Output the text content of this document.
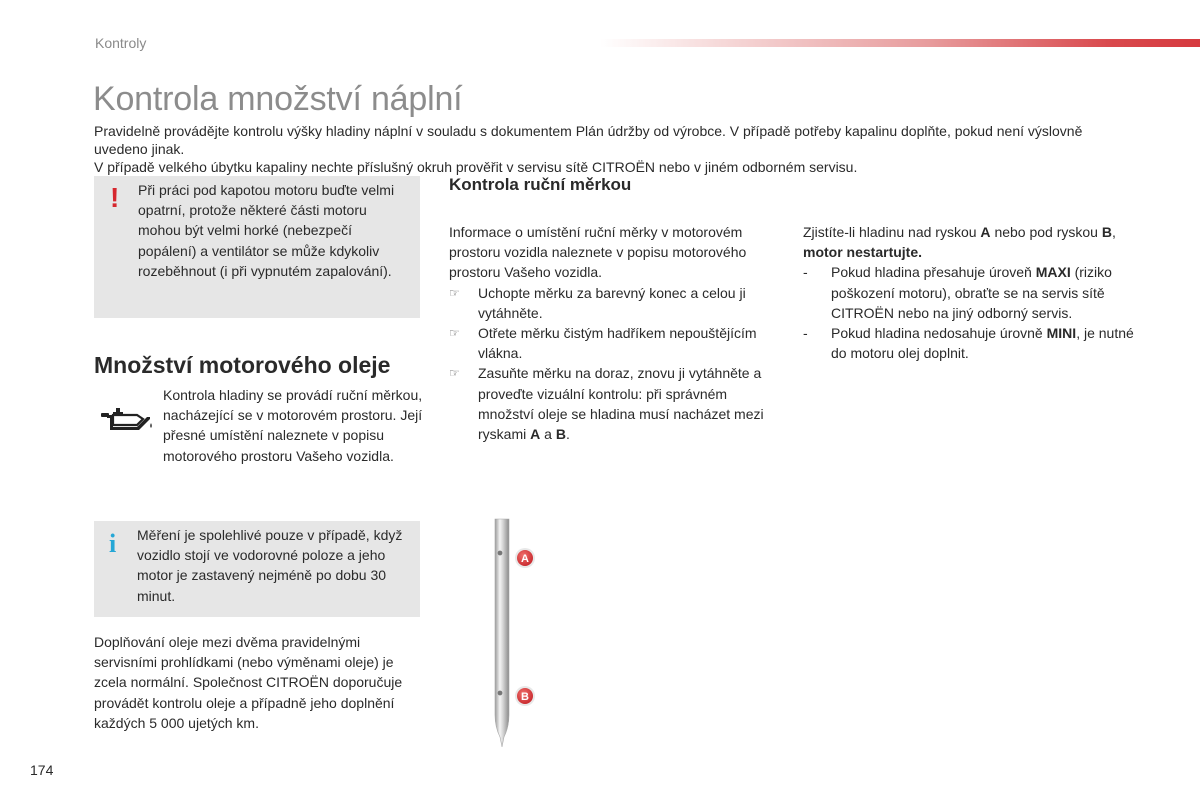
Kontroly
Kontrola množství náplní

Pravidelně provádějte kontrolu výšky hladiny náplní v souladu s dokumentem Plán údržby od výrobce. V případě potřeby kapalinu doplňte, pokud není výslovně uvedeno jinak.

V případě velkého úbytku kapaliny nechte příslušný okruh prověřit v servisu sítě CITROËN nebo v jiném odborném servisu.

! Při práci pod kapotou motoru buďte velmi opatrní, protože některé části motoru mohou být velmi horké (nebezpečí popálení) a ventilátor se může kdykoliv rozeběhnout (i při vypnutém zapalování).
Množství motorového oleje
Kontrola hladiny se provádí ruční měrkou, nacházející se v motorovém prostoru. Její přesné umístění naleznete v popisu motorového prostoru Vašeho vozidla.
i Měření je spolehlivé pouze v případě, když vozidlo stojí ve vodorovné poloze a jeho motor je zastavený nejméně po dobu 30 minut.
Doplňování oleje mezi dvěma pravidelnými servisními prohlídkami (nebo výměnami oleje) je zcela normální. Společnost CITROËN doporučuje provádět kontrolu oleje a případně jeho doplnění každých 5 000 ujetých km.
Kontrola ruční měrkou

Informace o umístění ruční měrky v motorovém prostoru vozidla naleznete v popisu motorového prostoru Vašeho vozidla.

☞ Uchopte měrku za barevný konec a celou ji vytáhněte.

☞ Otřete měrku čistým hadříkem nepouštějícím vlákna.

☞ Zasuňte měrku na doraz, znovu ji vytáhněte a proveďte vizuální kontrolu: při správném množství oleje se hladina musí nacházet mezi ryskami A a B.

Zjistíte-li hladinu nad ryskou A nebo pod ryskou B, motor nestartujte.

- Pokud hladina přesahuje úroveň MAXI (riziko poškození motoru), obraťte se na servis sítě CITROËN nebo na jiný odborný servis.

- Pokud hladina nedosahuje úrovně MINI, je nutné do motoru olej doplnit.

A
B
174
